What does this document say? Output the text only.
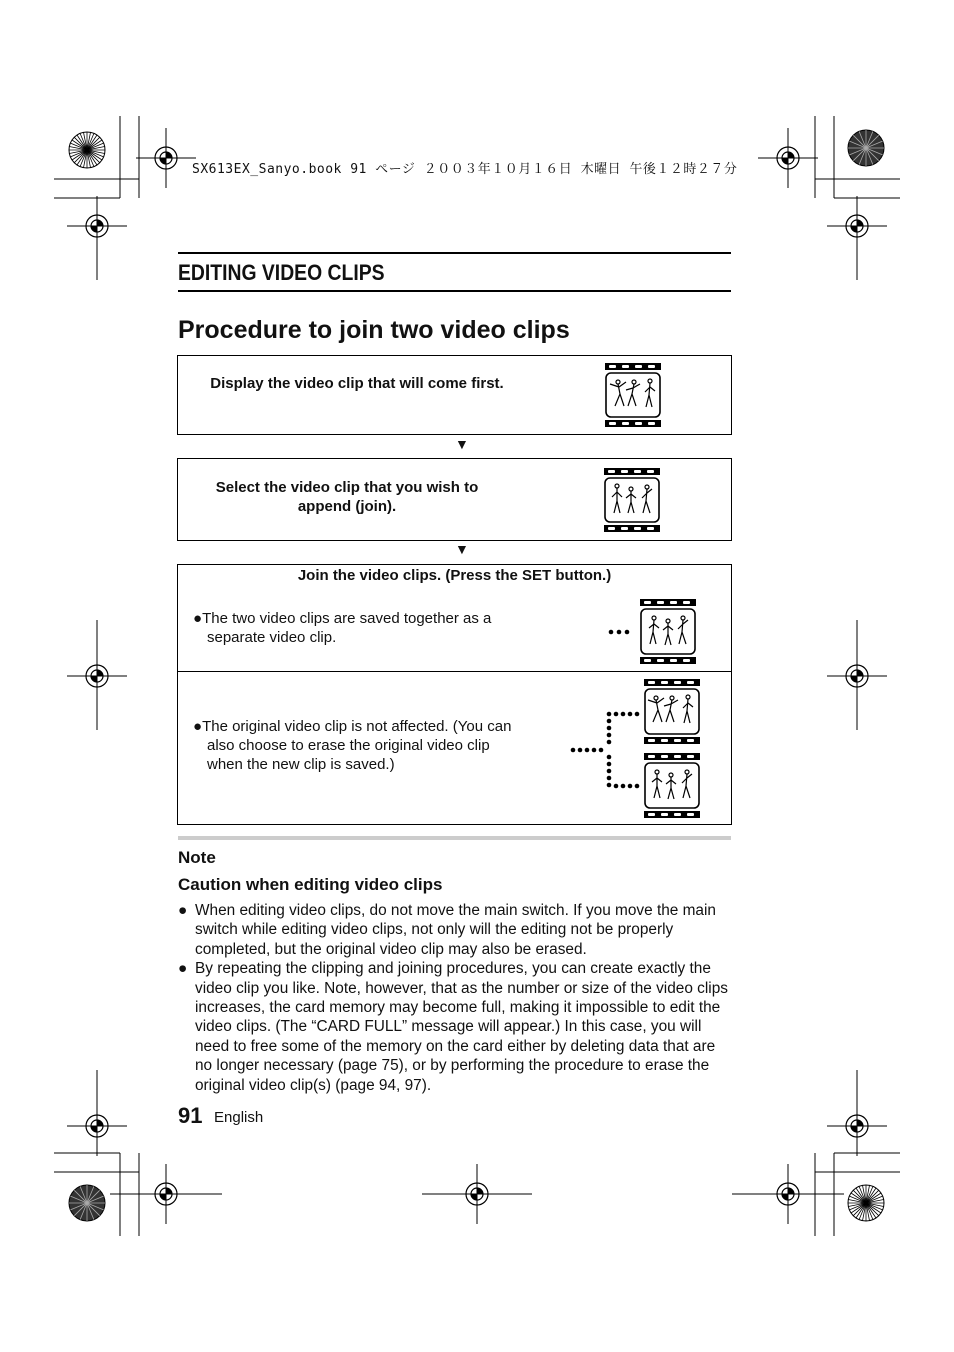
SX613EX_Sanyo.book 91 ページ ２００３年１０月１６日 木曜日 午後１２時２７分
EDITING VIDEO CLIPS
Procedure to join two video clips
Display the video clip that will come first.
▼
Select the video clip that you wish to append (join).
▼
Join the video clips. (Press the SET button.)
●The two video clips are saved together as a separate video clip.
●The original video clip is not affected. (You can also choose to erase the original video clip when the new clip is saved.)
Note
Caution when editing video clips
● When editing video clips, do not move the main switch. If you move the main switch while editing video clips, not only will the editing not be properly completed, but the original video clip may also be erased.
● By repeating the clipping and joining procedures, you can create exactly the video clip you like. Note, however, that as the number or size of the video clips increases, the card memory may become full, making it impossible to edit the video clips. (The “CARD FULL” message will appear.) In this case, you will need to free some of the memory on the card either by deleting data that are no longer necessary (page 75), or by performing the procedure to erase the original video clip(s) (page 94, 97).
91 English
